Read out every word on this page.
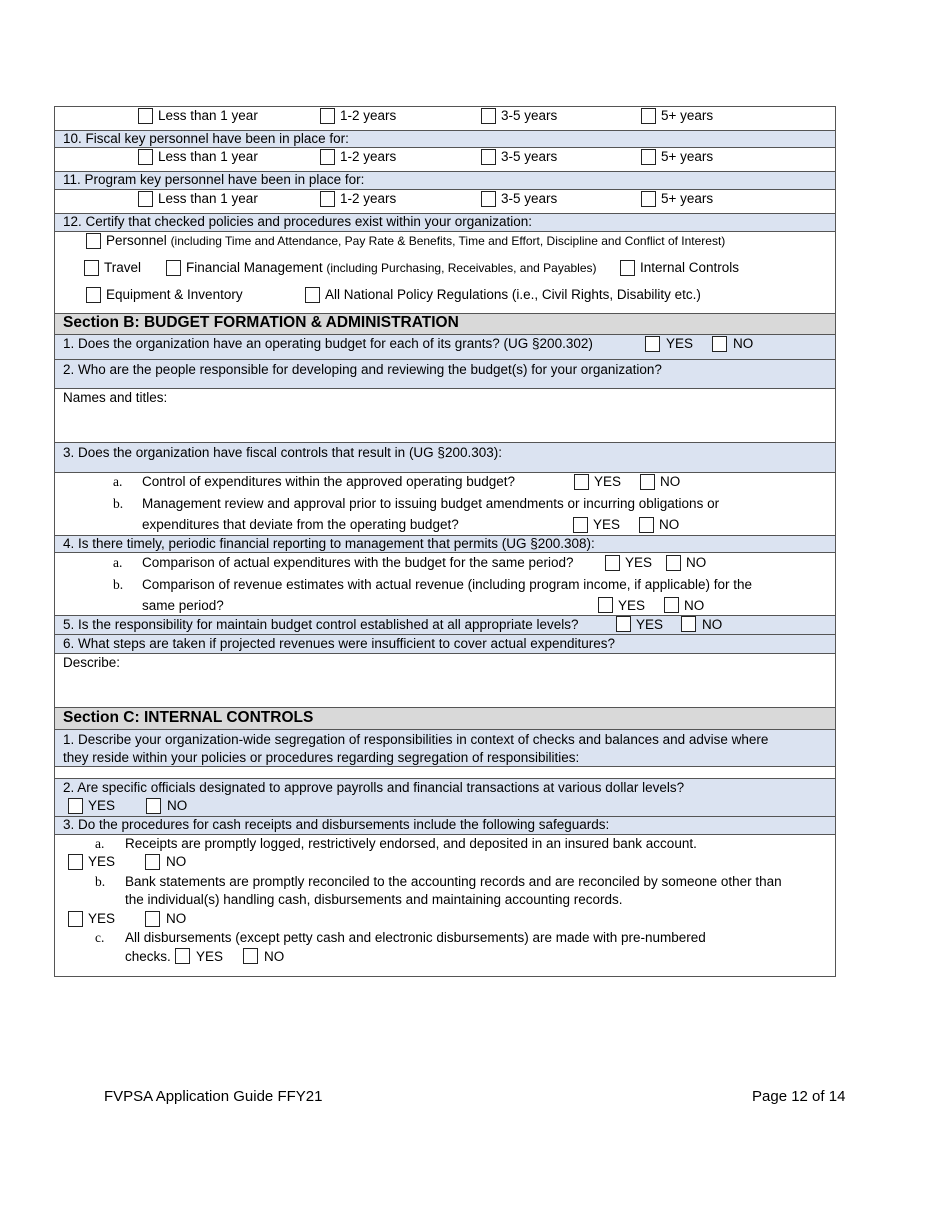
Less than 1 year	1-2 years	3-5 years	5+ years
10. Fiscal key personnel have been in place for:
Less than 1 year	1-2 years	3-5 years	5+ years
11. Program key personnel have been in place for:
Less than 1 year	1-2 years	3-5 years	5+ years
12. Certify that checked policies and procedures exist within your organization:
Personnel (including Time and Attendance, Pay Rate & Benefits, Time and Effort, Discipline and Conflict of Interest)
Travel	Financial Management (including Purchasing, Receivables, and Payables)	Internal Controls
Equipment & Inventory	All National Policy Regulations (i.e., Civil Rights, Disability etc.)
Section B: BUDGET FORMATION & ADMINISTRATION
1. Does the organization have an operating budget for each of its grants? (UG §200.302)	YES	NO
2. Who are the people responsible for developing and reviewing the budget(s) for your organization?
Names and titles:
3. Does the organization have fiscal controls that result in (UG §200.303):
a. Control of expenditures within the approved operating budget?	YES	NO
b. Management review and approval prior to issuing budget amendments or incurring obligations or
expenditures that deviate from the operating budget?	YES	NO
4. Is there timely, periodic financial reporting to management that permits (UG §200.308):
a. Comparison of actual expenditures with the budget for the same period?	YES	NO
b. Comparison of revenue estimates with actual revenue (including program income, if applicable) for the
same period?	YES	NO
5. Is the responsibility for maintain budget control established at all appropriate levels?	YES	NO
6. What steps are taken if projected revenues were insufficient to cover actual expenditures?
Describe:
Section C: INTERNAL CONTROLS
1. Describe your organization-wide segregation of responsibilities in context of checks and balances and advise where
they reside within your policies or procedures regarding segregation of responsibilities:
2. Are specific officials designated to approve payrolls and financial transactions at various dollar levels?
YES	NO
3. Do the procedures for cash receipts and disbursements include the following safeguards:
a. Receipts are promptly logged, restrictively endorsed, and deposited in an insured bank account.
YES	NO
b. Bank statements are promptly reconciled to the accounting records and are reconciled by someone other than
the individual(s) handling cash, disbursements and maintaining accounting records.
YES	NO
c. All disbursements (except petty cash and electronic disbursements) are made with pre-numbered
checks. YES	NO
FVPSA Application Guide FFY21	Page 12 of 14
